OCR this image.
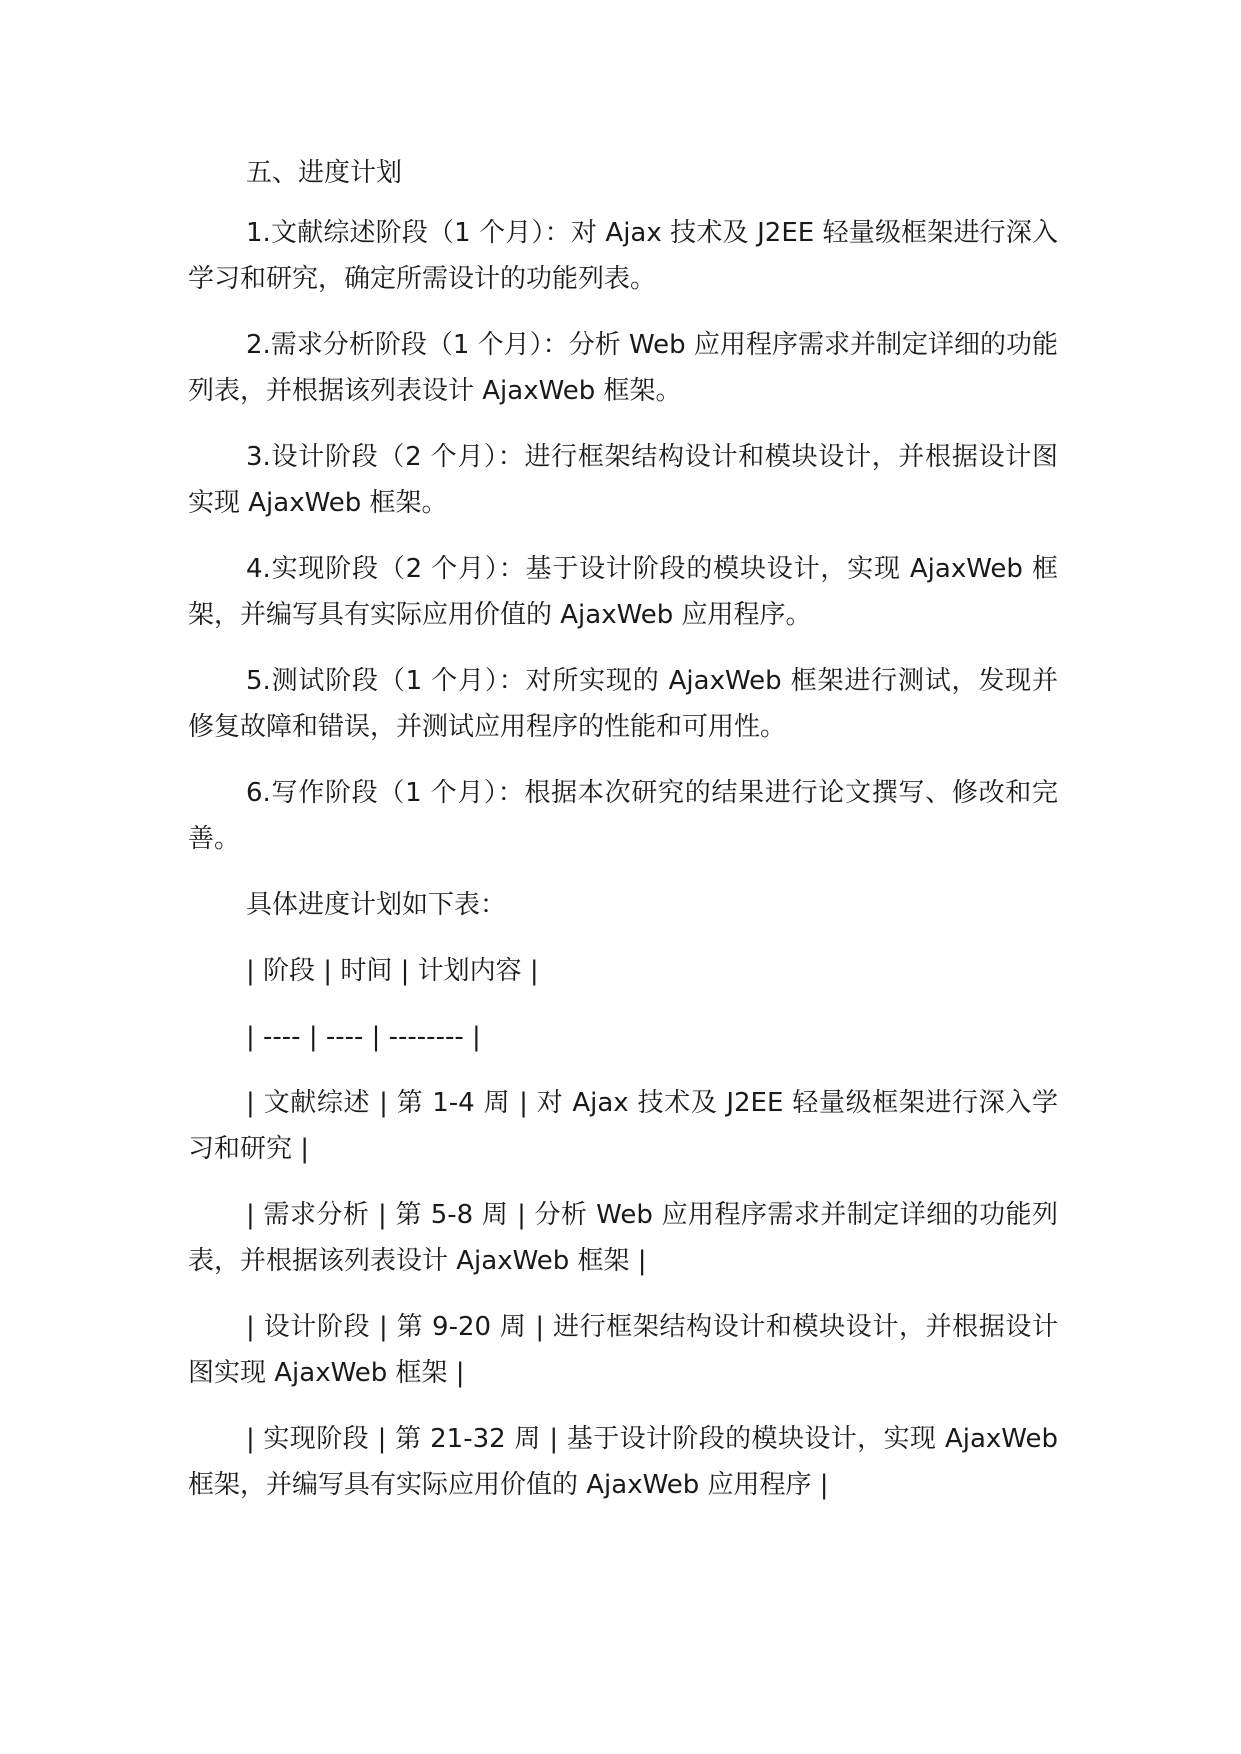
五、进度计划

1.文献综述阶段（1 个月）：对 Ajax 技术及 J2EE 轻量级框架进行深入学习和研究，确定所需设计的功能列表。

2.需求分析阶段（1 个月）：分析 Web 应用程序需求并制定详细的功能列表，并根据该列表设计 AjaxWeb 框架。

3.设计阶段（2 个月）：进行框架结构设计和模块设计，并根据设计图实现 AjaxWeb 框架。

4.实现阶段（2 个月）：基于设计阶段的模块设计，实现 AjaxWeb 框架，并编写具有实际应用价值的 AjaxWeb 应用程序。

5.测试阶段（1 个月）：对所实现的 AjaxWeb 框架进行测试，发现并修复故障和错误，并测试应用程序的性能和可用性。

6.写作阶段（1 个月）：根据本次研究的结果进行论文撰写、修改和完善。

具体进度计划如下表：

| 阶段 | 时间 | 计划内容 |

| ---- | ---- | -------- |

| 文献综述 | 第 1-4 周 | 对 Ajax 技术及 J2EE 轻量级框架进行深入学习和研究 |

| 需求分析 | 第 5-8 周 | 分析 Web 应用程序需求并制定详细的功能列表，并根据该列表设计 AjaxWeb 框架 |

| 设计阶段 | 第 9-20 周 | 进行框架结构设计和模块设计，并根据设计图实现 AjaxWeb 框架 |

| 实现阶段 | 第 21-32 周 | 基于设计阶段的模块设计，实现 AjaxWeb 框架，并编写具有实际应用价值的 AjaxWeb 应用程序 |
